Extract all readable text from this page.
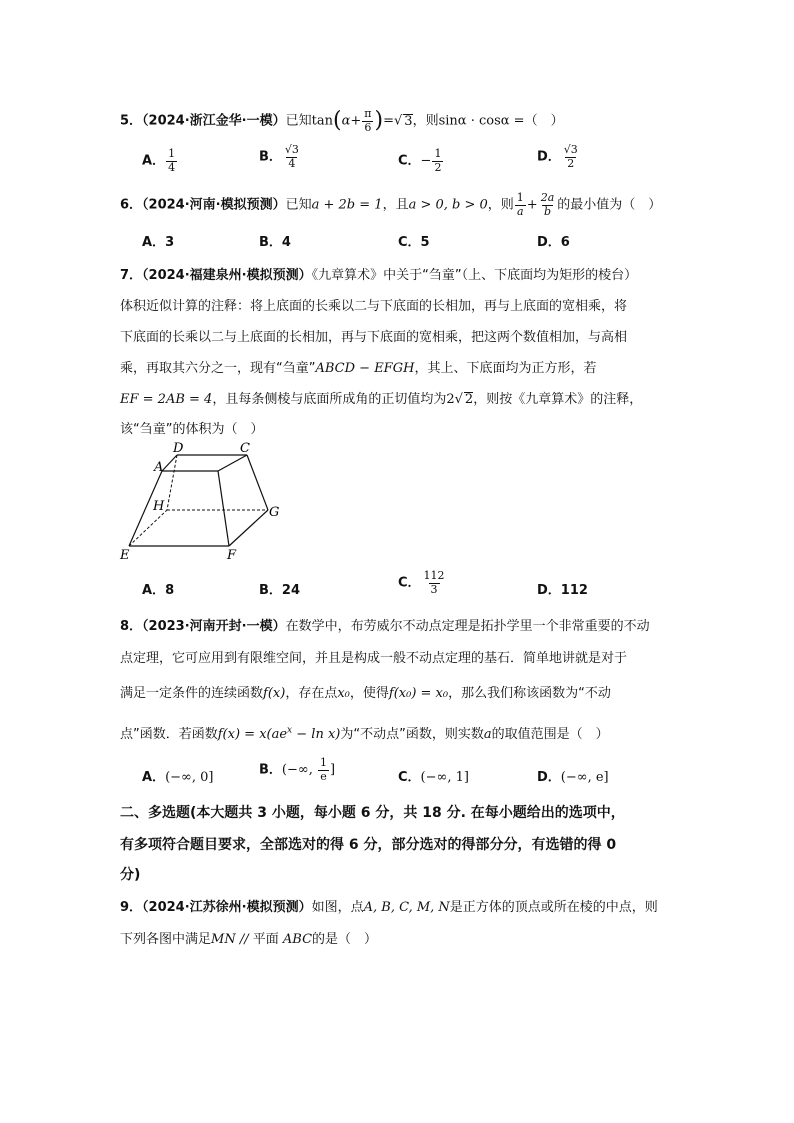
5．（2024·浙江金华·一模）已知$\tan(\alpha+ \frac{\pi}{6}$ )=√ 3，则sinα · cosα =（　）
A． $\frac{1}{4}$	B． $\frac{√3}{4}$	C．− $\frac{1}{2}$	D． $\frac{√3}{2}$
6．（2024·河南·模拟预测）已知a + 2b = 1，且a > 0, b > 0，则 $\frac{1}{a} + \frac{2a}{b}$ 的最小值为（　）
A．3	B．4	C．5	D．6
7．（2024·福建泉州·模拟预测）《九章算术》中关于“刍童”（上、下底面均为矩形的棱台）
体积近似计算的注释：将上底面的长乘以二与下底面的长相加，再与上底面的宽相乘，将
下底面的长乘以二与上底面的长相加，再与下底面的宽相乘，把这两个数值相加，与高相
乘，再取其六分之一，现有“刍童”ABCD − EFGH，其上、下底面均为正方形，若
EF = 2AB = 4，且每条侧棱与底面所成角的正切值均为2√ 2，则按《九章算术》的注释，
该“刍童”的体积为（　）
D	C
A
H	G
E	F
A．8	B．24	C． $\frac{112}{3}$	D．112
8．（2023·河南开封·一模）在数学中，布劳威尔不动点定理是拓扑学里一个非常重要的不动
点定理，它可应用到有限维空间，并且是构成一般不动点定理的基石．简单地讲就是对于
满足一定条件的连续函数f(x)，存在点x₀，使得f(x₀) = x₀，那么我们称该函数为“不动
点”函数．若函数$f(x) = x(ae^x - \ln x)$为“不动点”函数，则实数a的取值范围是（　）
A．(−∞, 0]	B．(−∞, $\frac{1}{e}$ ]	C．(−∞, 1]	D．(−∞, e]
二、多选题(本大题共 3 小题，每小题 6 分，共 18 分. 在每小题给出的选项中，
有多项符合题目要求，全部选对的得 6 分，部分选对的得部分分，有选错的得 0
分)
9．（2024·江苏徐州·模拟预测）如图，点A, B, C, M, N是正方体的顶点或所在棱的中点，则
下列各图中满足MN // 平面 ABC的是（　）
